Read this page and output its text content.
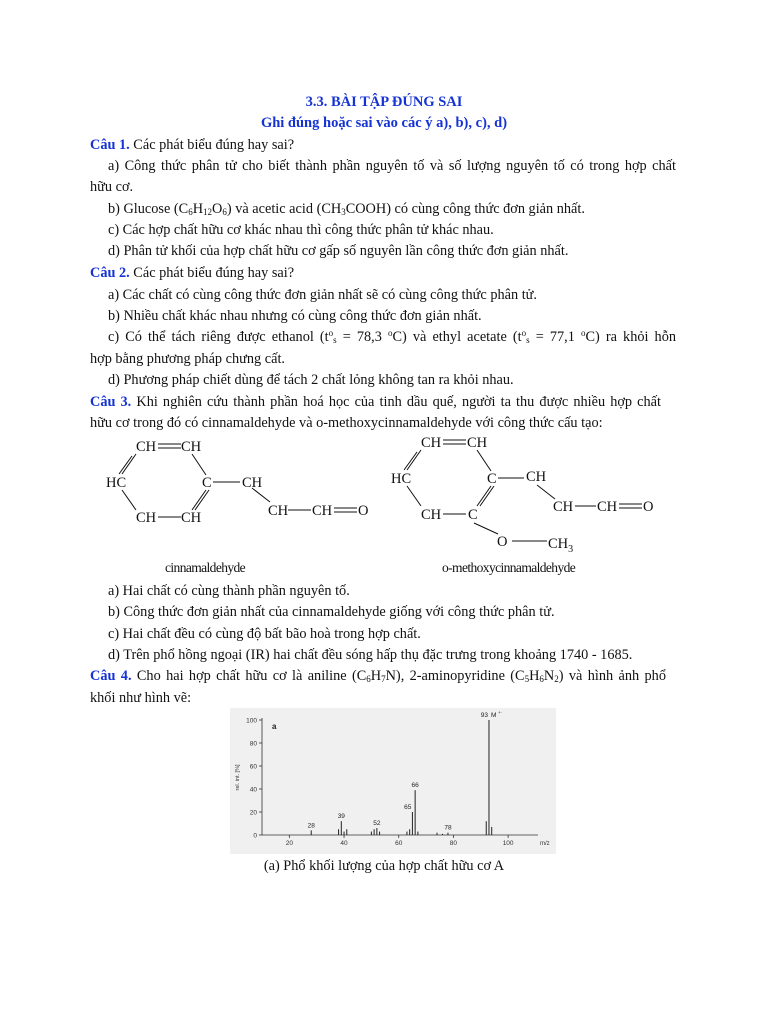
3.3. BÀI TẬP ĐÚNG SAI
Ghi đúng hoặc sai vào các ý a), b), c), d)
Câu 1. Các phát biểu đúng hay sai?
a) Công thức phân tử cho biết thành phần nguyên tố và số lượng nguyên tố có trong hợp chất
hữu cơ.
b) Glucose $(C_6H_{12}O_6)$ và acetic acid $(CH_3COOH)$ có cùng công thức đơn giản nhất.
c) Các hợp chất hữu cơ khác nhau thì công thức phân tử khác nhau.
d) Phân tử khối của hợp chất hữu cơ gấp số nguyên lần công thức đơn giản nhất.
Câu 2. Các phát biểu đúng hay sai?
a) Các chất có cùng công thức đơn giản nhất sẽ có cùng công thức phân tử.
b) Nhiều chất khác nhau nhưng có cùng công thức đơn giản nhất.
c) Có thể tách riêng được ethanol ($t^o_s = 78,3$ $^o$C) và ethyl acetate ($t^o_s = 77,1$ $^o$C) ra khỏi hỗn
hợp bằng phương pháp chưng cất.
d) Phương pháp chiết dùng để tách 2 chất lỏng không tan ra khỏi nhau.
Câu 3. Khi nghiên cứu thành phần hoá học của tinh dầu quế, người ta thu được nhiều hợp chất
hữu cơ trong đó có cinnamaldehyde và o-methoxycinnamaldehyde với công thức cấu tạo:
CH CH
HC	C CH
CH CH	CH CH O
CH CH
HC	C CH
CH C	CH CH O
O	$CH_3$
cinnamaldehyde	o-methoxycinnamaldehyde
a) Hai chất có cùng thành phần nguyên tố.
b) Công thức đơn giản nhất của cinnamaldehyde giống với công thức phân tử.
c) Hai chất đều có cùng độ bất bão hoà trong hợp chất.
d) Trên phổ hồng ngoại (IR) hai chất đều sóng hấp thụ đặc trưng trong khoảng 1740 - 1685.
Câu 4. Cho hai hợp chất hữu cơ là aniline $(C_6H_7N)$, 2-aminopyridine $(C_5H_6N_2)$ và hình ảnh phổ
khối như hình vẽ:
0
20
40
60
80
100
20	40	60	80	100	m/z
rel. int. [%]
a
28
39
52
65
66
78
93 M +·
(a) Phổ khối lượng của hợp chất hữu cơ A
